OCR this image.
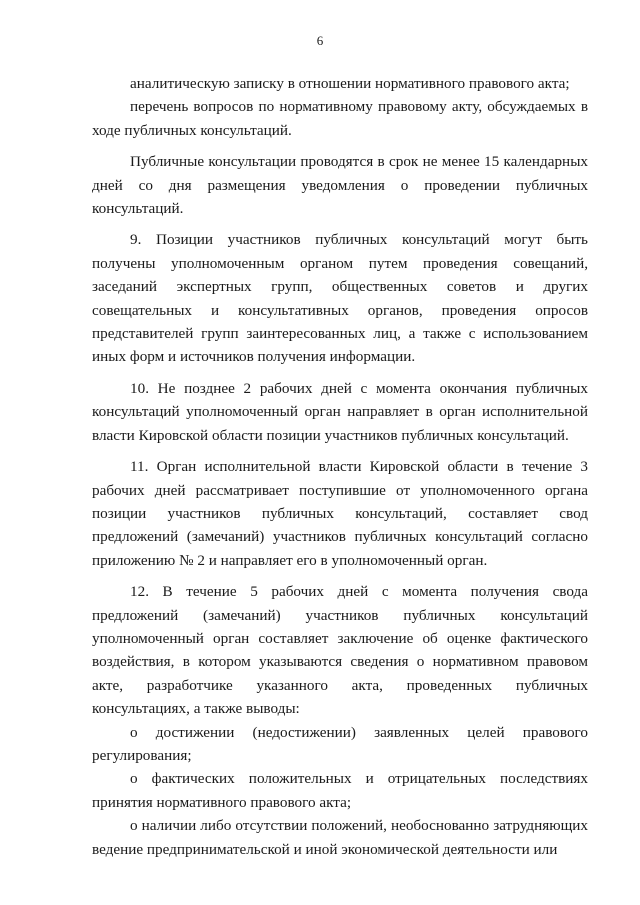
6

аналитическую записку в отношении нормативного правового акта;

перечень вопросов по нормативному правовому акту, обсуждаемых в ходе публичных консультаций.

Публичные консультации проводятся в срок не менее 15 календарных дней со дня размещения уведомления о проведении публичных консультаций.

9. Позиции участников публичных консультаций могут быть получены уполномоченным органом путем проведения совещаний, заседаний экспертных групп, общественных советов и других совещательных и консультативных органов, проведения опросов представителей групп заинтересованных лиц, а также с использованием иных форм и источников получения информации.

10. Не позднее 2 рабочих дней с момента окончания публичных консультаций уполномоченный орган направляет в орган исполнительной власти Кировской области позиции участников публичных консультаций.

11. Орган исполнительной власти Кировской области в течение 3 рабочих дней рассматривает поступившие от уполномоченного органа позиции участников публичных консультаций, составляет свод предложений (замечаний) участников публичных консультаций согласно приложению № 2 и направляет его в уполномоченный орган.

12. В течение 5 рабочих дней с момента получения свода предложений (замечаний) участников публичных консультаций уполномоченный орган составляет заключение об оценке фактического воздействия, в котором указываются сведения о нормативном правовом акте, разработчике указанного акта, проведенных публичных консультациях, а также выводы:

о достижении (недостижении) заявленных целей правового регулирования;

о фактических положительных и отрицательных последствиях принятия нормативного правового акта;

о наличии либо отсутствии положений, необоснованно затрудняющих ведение предпринимательской и иной экономической деятельности или
